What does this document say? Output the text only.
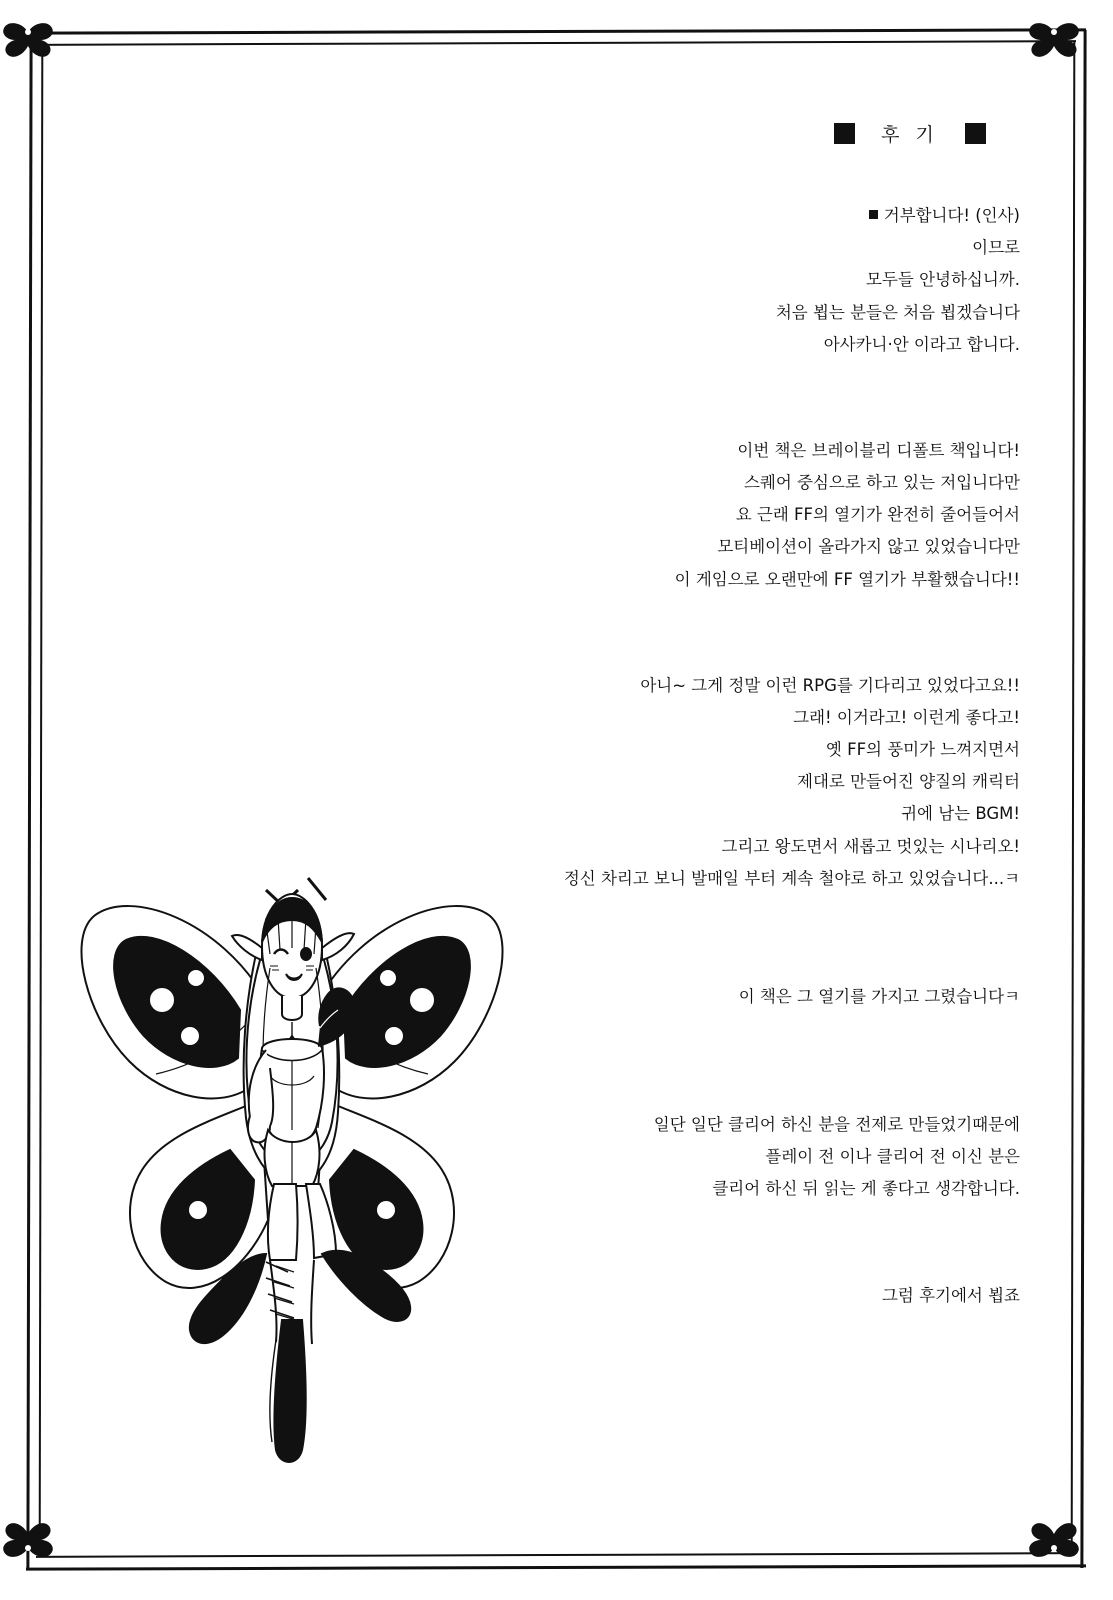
후 기

거부합니다! (인사)
이므로
모두들 안녕하십니까.
처음 뵙는 분들은 처음 뵙겠습니다
아사카니·안 이라고 합니다.

이번 책은 브레이블리 디폴트 책입니다!
스퀘어 중심으로 하고 있는 저입니다만
요 근래 FF의 열기가 완전히 줄어들어서
모티베이션이 올라가지 않고 있었습니다만
이 게임으로 오랜만에 FF 열기가 부활했습니다!!

아니~ 그게 정말 이런 RPG를 기다리고 있었다고요!!
그래! 이거라고! 이런게 좋다고!
옛 FF의 풍미가 느껴지면서
제대로 만들어진 양질의 캐릭터
귀에 남는 BGM!
그리고 왕도면서 새롭고 멋있는 시나리오!
정신 차리고 보니 발매일 부터 계속 철야로 하고 있었습니다...ㅋ

이 책은 그 열기를 가지고 그렸습니다ㅋ

일단 일단 클리어 하신 분을 전제로 만들었기때문에
플레이 전 이나 클리어 전 이신 분은
클리어 하신 뒤 읽는 게 좋다고 생각합니다.

그럼 후기에서 뵙죠
